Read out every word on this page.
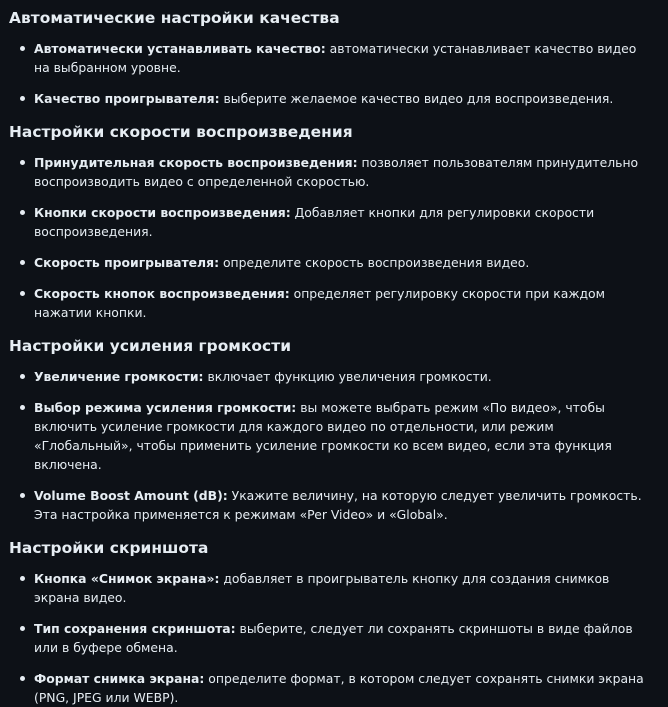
Автоматические настройки качества
Автоматически устанавливать качество: автоматически устанавливает качество видео на выбранном уровне.
Качество проигрывателя: выберите желаемое качество видео для воспроизведения.
Настройки скорости воспроизведения
Принудительная скорость воспроизведения: позволяет пользователям принудительно воспроизводить видео с определенной скоростью.
Кнопки скорости воспроизведения: Добавляет кнопки для регулировки скорости воспроизведения.
Скорость проигрывателя: определите скорость воспроизведения видео.
Скорость кнопок воспроизведения: определяет регулировку скорости при каждом нажатии кнопки.
Настройки усиления громкости
Увеличение громкости: включает функцию увеличения громкости.
Выбор режима усиления громкости: вы можете выбрать режим «По видео», чтобы включить усиление громкости для каждого видео по отдельности, или режим «Глобальный», чтобы применить усиление громкости ко всем видео, если эта функция включена.
Volume Boost Amount (dB): Укажите величину, на которую следует увеличить громкость. Эта настройка применяется к режимам «Per Video» и «Global».
Настройки скриншота
Кнопка «Снимок экрана»: добавляет в проигрыватель кнопку для создания снимков экрана видео.
Тип сохранения скриншота: выберите, следует ли сохранять скриншоты в виде файлов или в буфере обмена.
Формат снимка экрана: определите формат, в котором следует сохранять снимки экрана (PNG, JPEG или WEBP).
